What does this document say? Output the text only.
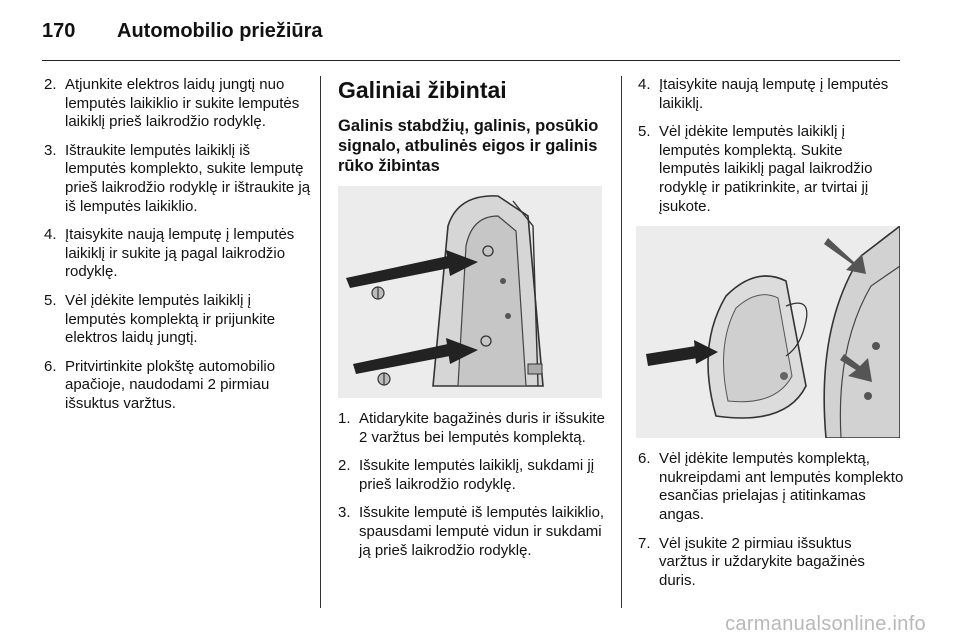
170 Automobilio priežiūra
2. Atjunkite elektros laidų jungtį nuo lemputės laikiklio ir sukite lemputės laikiklį prieš laikrodžio rodyklę.
3. Ištraukite lemputės laikiklį iš lemputės komplekto, sukite lemputę prieš laikrodžio rodyklę ir ištraukite ją iš lemputės laikiklio.
4. Įtaisykite naują lemputę į lemputės laikiklį ir sukite ją pagal laikrodžio rodyklę.
5. Vėl įdėkite lemputės laikiklį į lemputės komplektą ir prijunkite elektros laidų jungtį.
6. Pritvirtinkite plokštę automobilio apačioje, naudodami 2 pirmiau išsuktus varžtus.
Galiniai žibintai
Galinis stabdžių, galinis, posūkio signalo, atbulinės eigos ir galinis rūko žibintas
1. Atidarykite bagažinės duris ir išsukite 2 varžtus bei lemputės komplektą.
2. Išsukite lemputės laikiklį, sukdami jį prieš laikrodžio rodyklę.
3. Išsukite lemputė iš lemputės laikiklio, spausdami lemputė vidun ir sukdami ją prieš laikrodžio rodyklę.
4. Įtaisykite naują lemputę į lemputės laikiklį.
5. Vėl įdėkite lemputės laikiklį į lemputės komplektą. Sukite lemputės laikiklį pagal laikrodžio rodyklę ir patikrinkite, ar tvirtai jį įsukote.
6. Vėl įdėkite lemputės komplektą, nukreipdami ant lemputės komplekto esančias prielajas į atitinkamas angas.
7. Vėl įsukite 2 pirmiau išsuktus varžtus ir uždarykite bagažinės duris.
carmanualsonline.info
